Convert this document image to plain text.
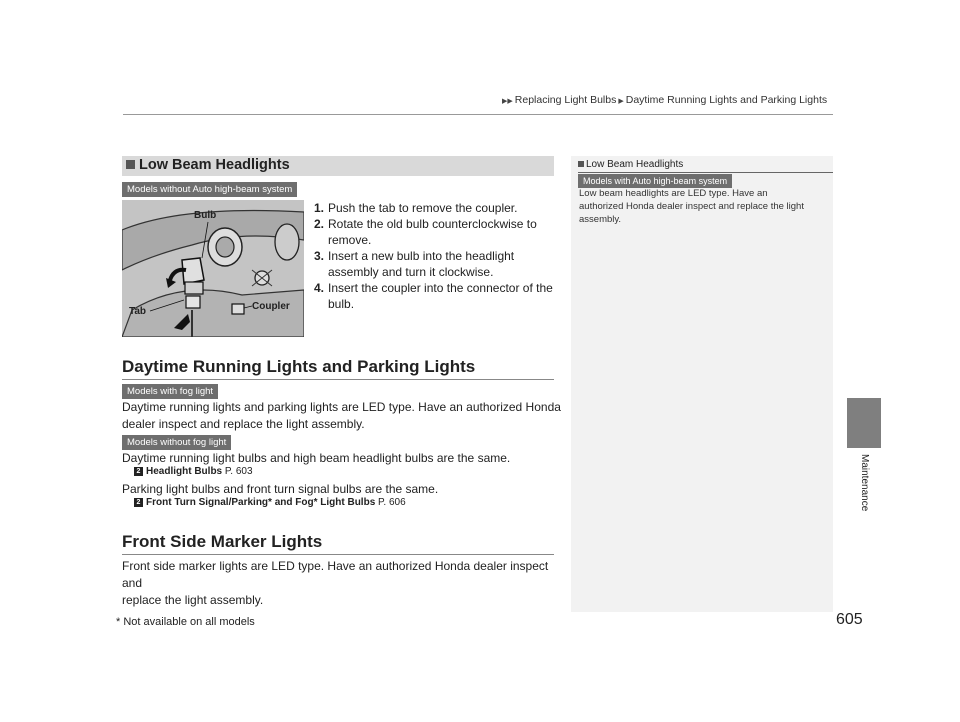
▶▶ Replacing Light Bulbs ▶ Daytime Running Lights and Parking Lights
Maintenance
Low Beam Headlights
Models without Auto high-beam system
Bulb
Tab	Coupler
1. Push the tab to remove the coupler.
2. Rotate the old bulb counterclockwise to
remove.
3. Insert a new bulb into the headlight
assembly and turn it clockwise.
4. Insert the coupler into the connector of the
bulb.
Daytime Running Lights and Parking Lights
Models with fog light
Daytime running lights and parking lights are LED type. Have an authorized Honda
dealer inspect and replace the light assembly.
Models without fog light
Daytime running light bulbs and high beam headlight bulbs are the same.
2 Headlight Bulbs P. 603
Parking light bulbs and front turn signal bulbs are the same.
2 Front Turn Signal/Parking* and Fog* Light Bulbs P. 606
Front Side Marker Lights
Front side marker lights are LED type. Have an authorized Honda dealer inspect and
replace the light assembly.
Low Beam Headlights
Models with Auto high-beam system
Low beam headlights are LED type. Have an
authorized Honda dealer inspect and replace the light
assembly.
* Not available on all models	605
